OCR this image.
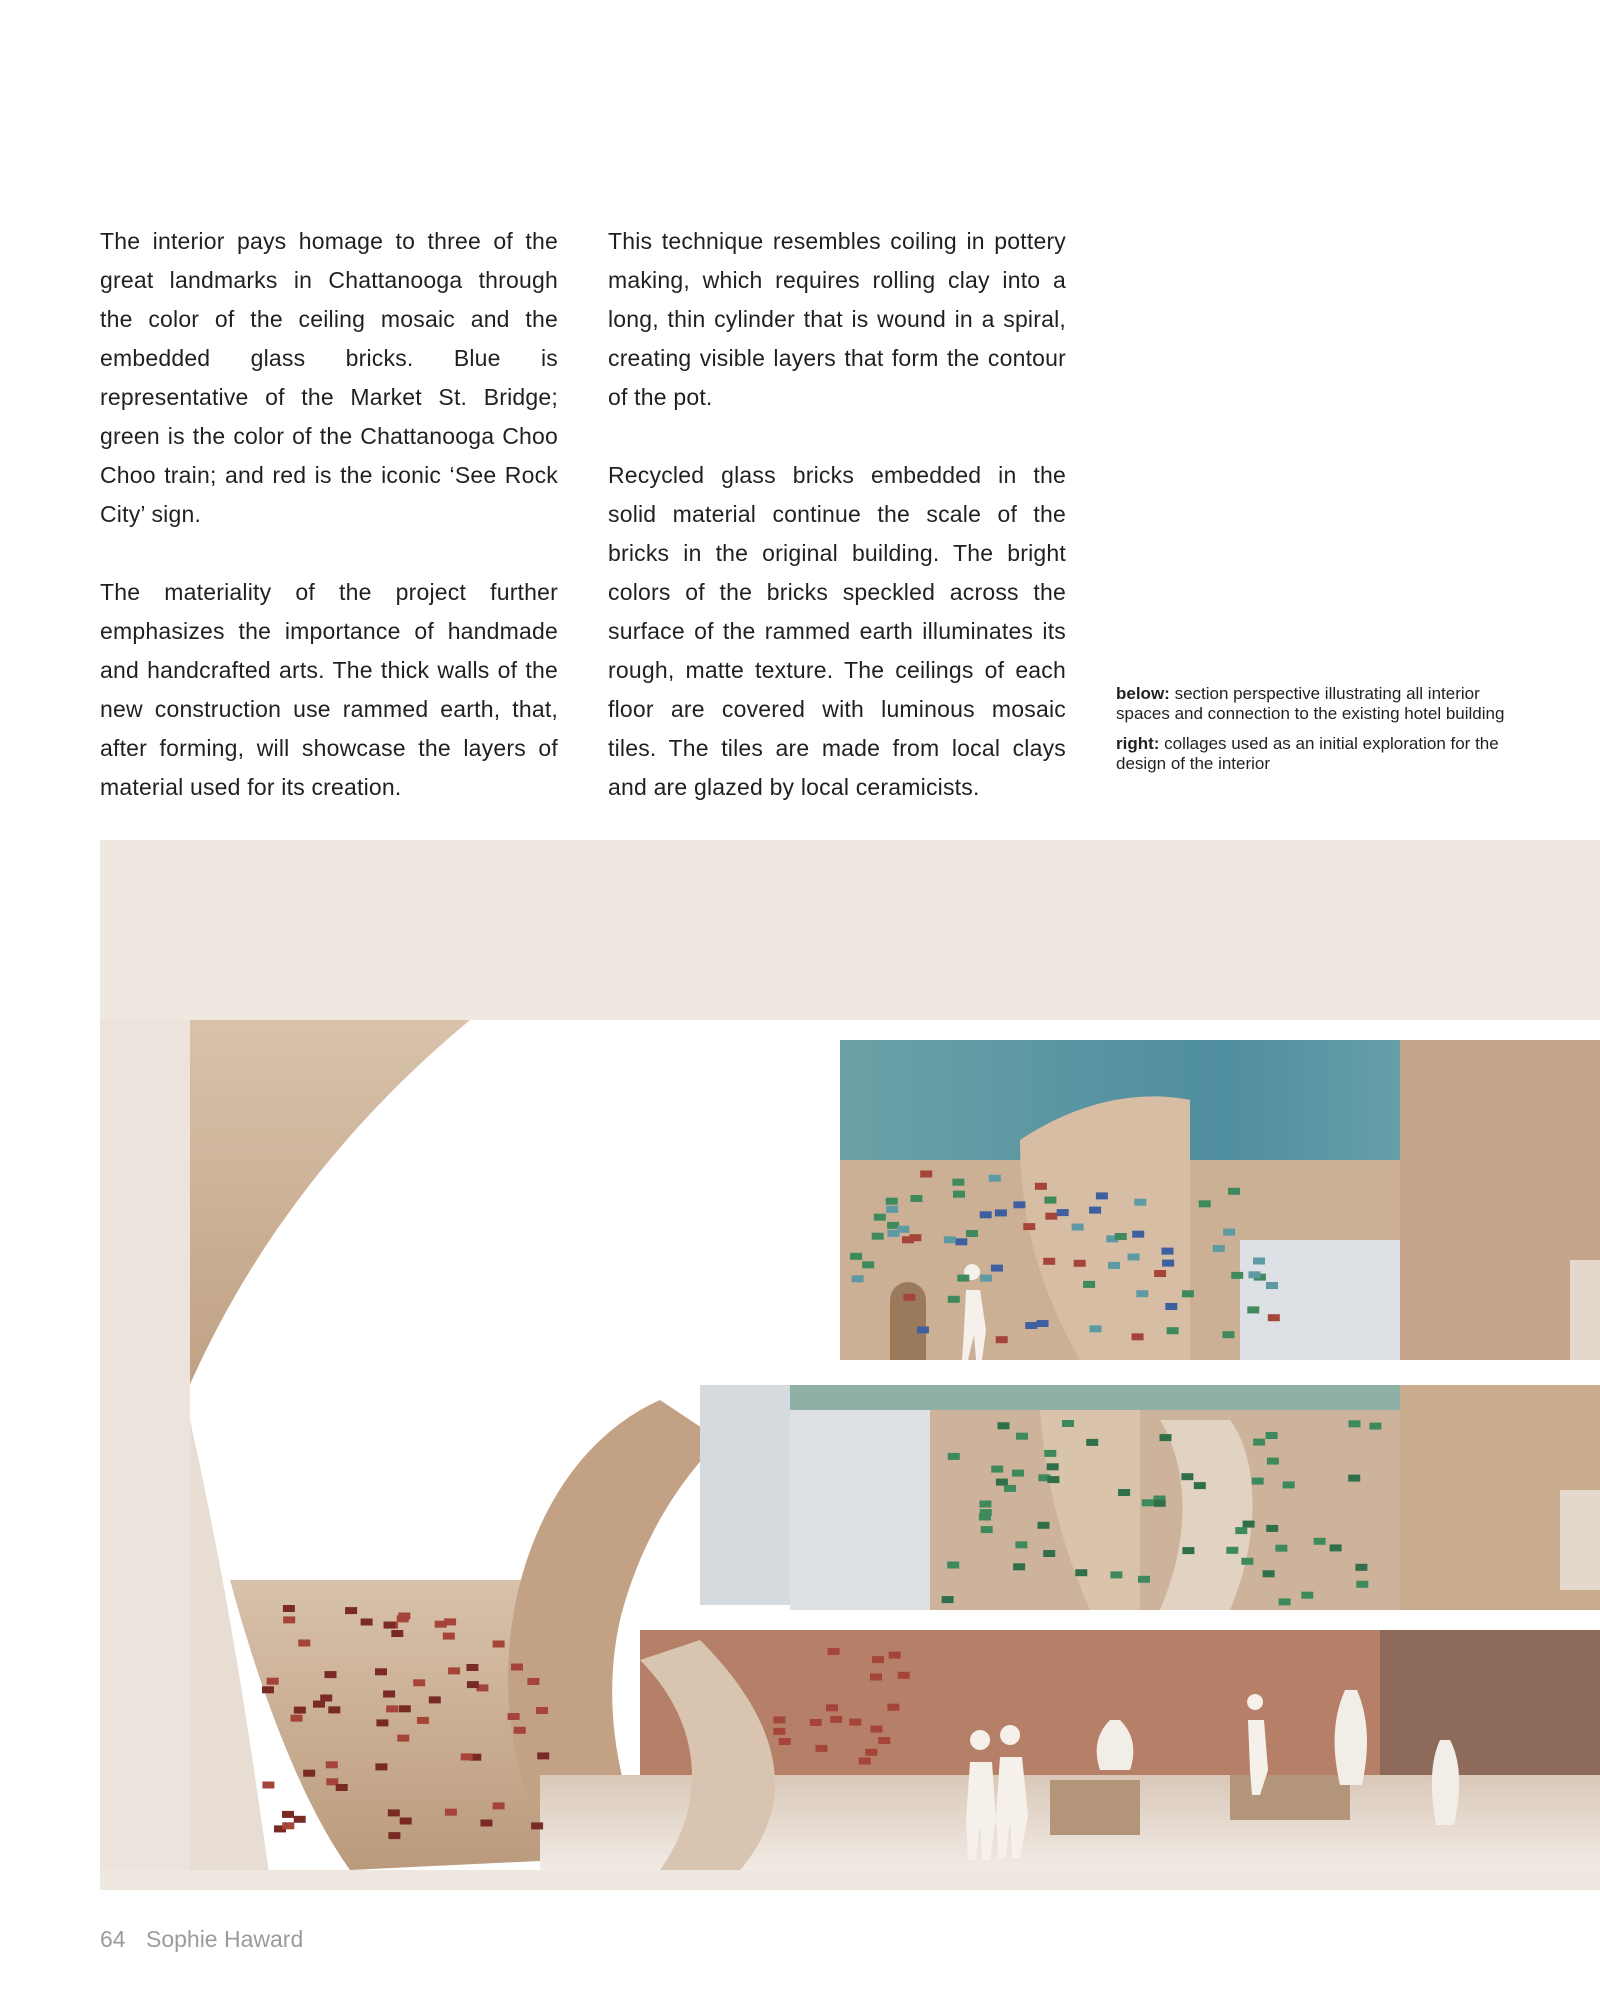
The interior pays homage to three of the great landmarks in Chattanooga through the color of the ceiling mosaic and the embedded glass bricks. Blue is representative of the Market St. Bridge; green is the color of the Chattanooga Choo Choo train; and red is the iconic ‘See Rock City’ sign.

The materiality of the project further emphasizes the importance of handmade and handcrafted arts. The thick walls of the new construction use rammed earth, that, after forming, will showcase the layers of material used for its creation.

This technique resembles coiling in pottery making, which requires rolling clay into a long, thin cylinder that is wound in a spiral, creating visible layers that form the contour of the pot.

Recycled glass bricks embedded in the solid material continue the scale of the bricks in the original building. The bright colors of the bricks speckled across the surface of the rammed earth illuminates its rough, matte texture. The ceilings of each floor are covered with luminous mosaic tiles. The tiles are made from local clays and are glazed by local ceramicists.

below: section perspective illustrating all interior spaces and connection to the existing hotel building

right: collages used as an initial exploration for the design of the interior

64 Sophie Haward
